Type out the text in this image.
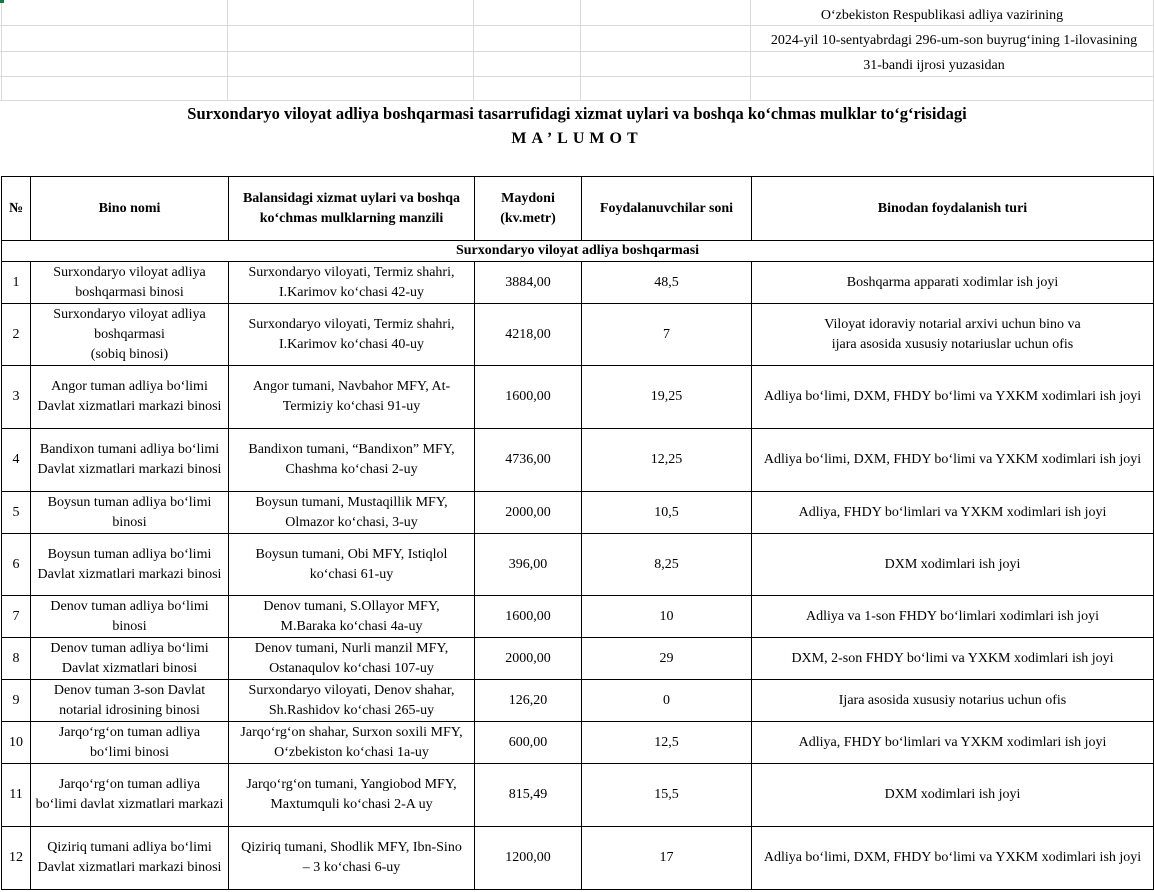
O‘zbekiston Respublikasi adliya vazirining
2024-yil 10-sentyabrdagi 296-um-son buyrug‘ining 1-ilovasining
31-bandi ijrosi yuzasidan
Surxondaryo viloyat adliya boshqarmasi tasarrufidagi xizmat uylari va boshqa ko‘chmas mulklar to‘g‘risidagi
MA’LUMOT
№	Bino nomi	Balansidagi xizmat uylari va boshqa
ko‘chmas mulklarning manzili	Maydoni
(kv.metr)	Foydalanuvchilar soni	Binodan foydalanish turi
Surxondaryo viloyat adliya boshqarmasi					
1	Surxondaryo viloyat adliya
boshqarmasi binosi	Surxondaryo viloyati, Termiz shahri,
I.Karimov ko‘chasi 42-uy	3884,00	48,5	Boshqarma apparati xodimlar ish joyi
2	Surxondaryo viloyat adliya
boshqarmasi
(sobiq binosi)	Surxondaryo viloyati, Termiz shahri,
I.Karimov ko‘chasi 40-uy	4218,00	7	Viloyat idoraviy notarial arxivi uchun bino va
ijara asosida xususiy notariuslar uchun ofis
3	Angor tuman adliya bo‘limi
Davlat xizmatlari markazi binosi	Angor tumani, Navbahor MFY, At-
Termiziy ko‘chasi 91-uy	1600,00	19,25	Adliya bo‘limi, DXM, FHDY bo‘limi va YXKM xodimlari ish joyi
4	Bandixon tumani adliya bo‘limi
Davlat xizmatlari markazi binosi	Bandixon tumani, “Bandixon” MFY,
Chashma ko‘chasi 2-uy	4736,00	12,25	Adliya bo‘limi, DXM, FHDY bo‘limi va YXKM xodimlari ish joyi
5	Boysun tuman adliya bo‘limi
binosi	Boysun tumani, Mustaqillik MFY,
Olmazor ko‘chasi, 3-uy	2000,00	10,5	Adliya, FHDY bo‘limlari va YXKM xodimlari ish joyi
6	Boysun tuman adliya bo‘limi
Davlat xizmatlari markazi binosi	Boysun tumani, Obi MFY, Istiqlol
ko‘chasi 61-uy	396,00	8,25	DXM xodimlari ish joyi
7	Denov tuman adliya bo‘limi
binosi	Denov tumani, S.Ollayor MFY,
M.Baraka ko‘chasi 4a-uy	1600,00	10	Adliya va 1-son FHDY bo‘limlari xodimlari ish joyi
8	Denov tuman adliya bo‘limi
Davlat xizmatlari binosi	Denov tumani, Nurli manzil MFY,
Ostanaqulov ko‘chasi 107-uy	2000,00	29	DXM, 2-son FHDY bo‘limi va YXKM xodimlari ish joyi
9	Denov tuman 3-son Davlat
notarial idrosining binosi	Surxondaryo viloyati, Denov shahar,
Sh.Rashidov ko‘chasi 265-uy	126,20	0	Ijara asosida xususiy notarius uchun ofis
10	Jarqo‘rg‘on tuman adliya
bo‘limi binosi	Jarqo‘rg‘on shahar, Surxon soxili MFY,
O‘zbekiston ko‘chasi 1a-uy	600,00	12,5	Adliya, FHDY bo‘limlari va YXKM xodimlari ish joyi
11	Jarqo‘rg‘on tuman adliya
bo‘limi davlat xizmatlari markazi	Jarqo‘rg‘on tumani, Yangiobod MFY,
Maxtumquli ko‘chasi 2-A uy	815,49	15,5	DXM xodimlari ish joyi
12	Qiziriq tumani adliya bo‘limi
Davlat xizmatlari markazi binosi	Qiziriq tumani, Shodlik MFY, Ibn-Sino
– 3 ko‘chasi 6-uy	1200,00	17	Adliya bo‘limi, DXM, FHDY bo‘limi va YXKM xodimlari ish joyi
